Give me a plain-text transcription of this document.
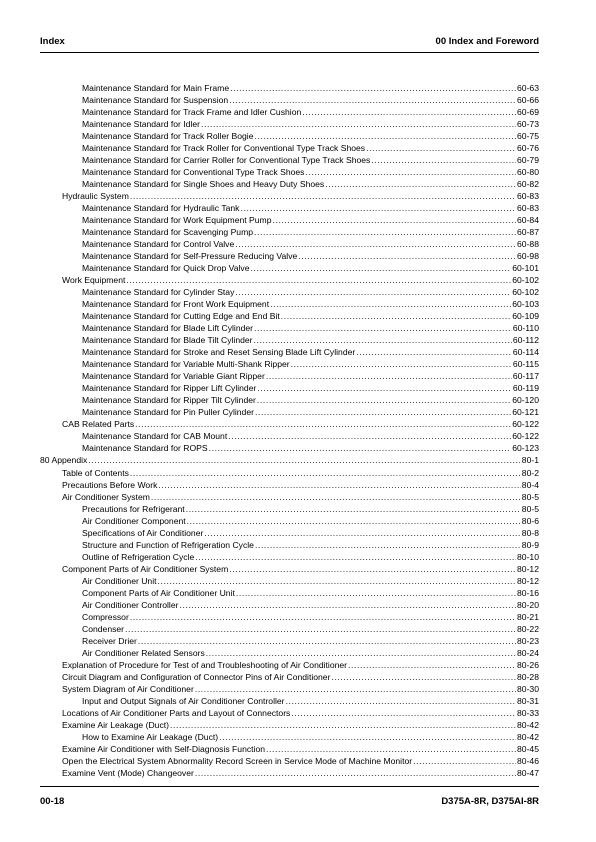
Index	00 Index and Foreword
Maintenance Standard for Main Frame .....	60-63
Maintenance Standard for Suspension .....	60-66
Maintenance Standard for Track Frame and Idler Cushion .....	60-69
Maintenance Standard for Idler .....	60-73
Maintenance Standard for Track Roller Bogie .....	60-75
Maintenance Standard for Track Roller for Conventional Type Track Shoes .....	60-76
Maintenance Standard for Carrier Roller for Conventional Type Track Shoes .....	60-79
Maintenance Standard for Conventional Type Track Shoes .....	60-80
Maintenance Standard for Single Shoes and Heavy Duty Shoes .....	60-82
Hydraulic System .....	60-83
Maintenance Standard for Hydraulic Tank .....	60-83
Maintenance Standard for Work Equipment Pump .....	60-84
Maintenance Standard for Scavenging Pump .....	60-87
Maintenance Standard for Control Valve .....	60-88
Maintenance Standard for Self-Pressure Reducing Valve .....	60-98
Maintenance Standard for Quick Drop Valve .....	60-101
Work Equipment .....	60-102
Maintenance Standard for Cylinder Stay .....	60-102
Maintenance Standard for Front Work Equipment .....	60-103
Maintenance Standard for Cutting Edge and End Bit .....	60-109
Maintenance Standard for Blade Lift Cylinder .....	60-110
Maintenance Standard for Blade Tilt Cylinder .....	60-112
Maintenance Standard for Stroke and Reset Sensing Blade Lift Cylinder .....	60-114
Maintenance Standard for Variable Multi-Shank Ripper .....	60-115
Maintenance Standard for Variable Giant Ripper .....	60-117
Maintenance Standard for Ripper Lift Cylinder .....	60-119
Maintenance Standard for Ripper Tilt Cylinder .....	60-120
Maintenance Standard for Pin Puller Cylinder .....	60-121
CAB Related Parts .....	60-122
Maintenance Standard for CAB Mount .....	60-122
Maintenance Standard for ROPS .....	60-123
80 Appendix .....	80-1
Table of Contents .....	80-2
Precautions Before Work .....	80-4
Air Conditioner System .....	80-5
Precautions for Refrigerant .....	80-5
Air Conditioner Component .....	80-6
Specifications of Air Conditioner .....	80-8
Structure and Function of Refrigeration Cycle .....	80-9
Outline of Refrigeration Cycle .....	80-10
Component Parts of Air Conditioner System .....	80-12
Air Conditioner Unit .....	80-12
Component Parts of Air Conditioner Unit .....	80-16
Air Conditioner Controller .....	80-20
Compressor .....	80-21
Condenser .....	80-22
Receiver Drier .....	80-23
Air Conditioner Related Sensors .....	80-24
Explanation of Procedure for Test of and Troubleshooting of Air Conditioner .....	80-26
Circuit Diagram and Configuration of Connector Pins of Air Conditioner .....	80-28
System Diagram of Air Conditioner .....	80-30
Input and Output Signals of Air Conditioner Controller .....	80-31
Locations of Air Conditioner Parts and Layout of Connectors .....	80-33
Examine Air Leakage (Duct) .....	80-42
How to Examine Air Leakage (Duct) .....	80-42
Examine Air Conditioner with Self-Diagnosis Function .....	80-45
Open the Electrical System Abnormality Record Screen in Service Mode of Machine Monitor .....	80-46
Examine Vent (Mode) Changeover .....	80-47
00-18	D375A-8R, D375AI-8R
